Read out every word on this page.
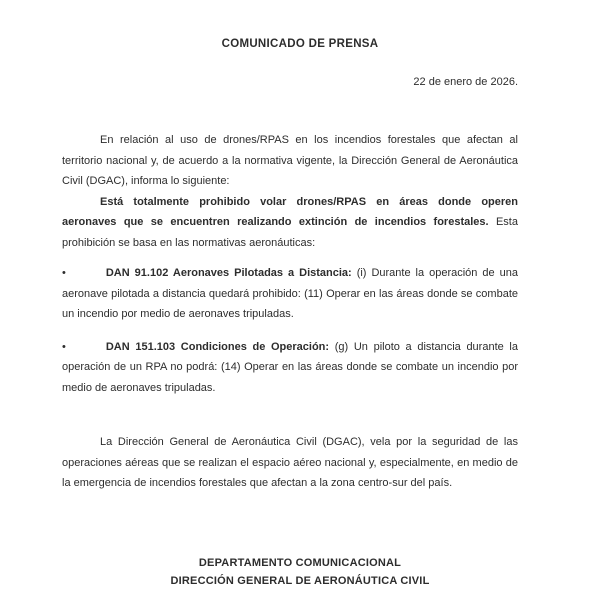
COMUNICADO DE PRENSA
22 de enero de 2026.

En relación al uso de drones/RPAS en los incendios forestales que afectan al territorio nacional y, de acuerdo a la normativa vigente, la Dirección General de Aeronáutica Civil (DGAC), informa lo siguiente:

Está totalmente prohibido volar drones/RPAS en áreas donde operen aeronaves que se encuentren realizando extinción de incendios forestales. Esta prohibición se basa en las normativas aeronáuticas:

•	DAN 91.102 Aeronaves Pilotadas a Distancia: (i) Durante la operación de una aeronave pilotada a distancia quedará prohibido: (11) Operar en las áreas donde se combate un incendio por medio de aeronaves tripuladas.

•	DAN 151.103 Condiciones de Operación: (g) Un piloto a distancia durante la operación de un RPA no podrá: (14) Operar en las áreas donde se combate un incendio por medio de aeronaves tripuladas.

La Dirección General de Aeronáutica Civil (DGAC), vela por la seguridad de las operaciones aéreas que se realizan el espacio aéreo nacional y, especialmente, en medio de la emergencia de incendios forestales que afectan a la zona centro-sur del país.

DEPARTAMENTO COMUNICACIONAL
DIRECCIÓN GENERAL DE AERONÁUTICA CIVIL
